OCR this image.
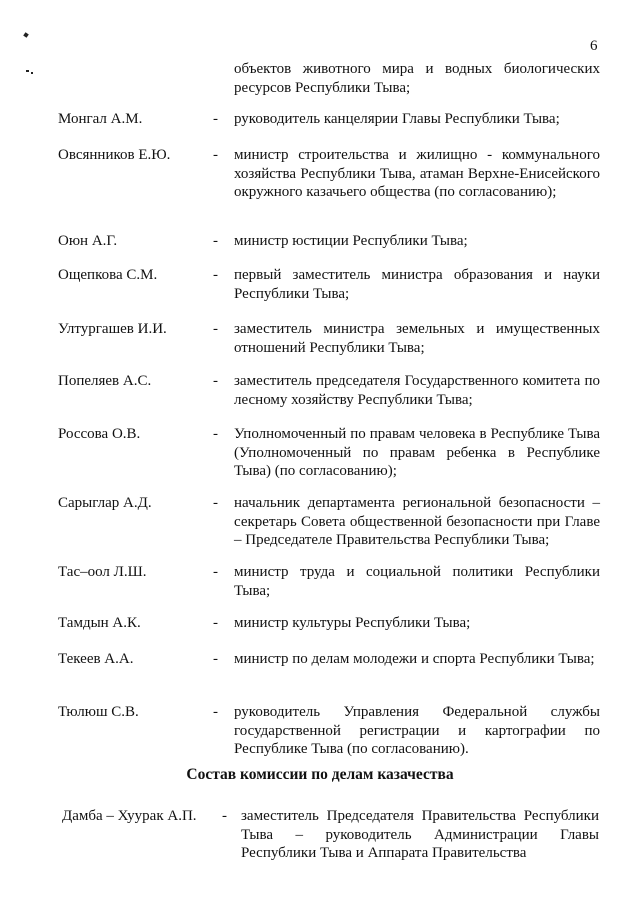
6
объектов животного мира и водных биологических ресурсов Республики Тыва;
Монгал А.М.	- руководитель канцелярии Главы Республики Тыва;
Овсянников Е.Ю.	- министр строительства и жилищно - коммунального хозяйства Республики Тыва, атаман Верхне-Енисейского окружного казачьего общества (по согласованию);
Оюн А.Г.	- министр юстиции Республики Тыва;
Ощепкова С.М.	- первый заместитель министра образования и науки Республики Тыва;
Ултургашев И.И.	- заместитель министра земельных и имущественных отношений Республики Тыва;
Попеляев А.С.	- заместитель председателя Государственного комитета по лесному хозяйству Республики Тыва;
Россова О.В.	- Уполномоченный по правам человека в Республике Тыва (Уполномоченный по правам ребенка в Республике Тыва) (по согласованию);
Сарыглар А.Д.	- начальник департамента региональной безопасности – секретарь Совета общественной безопасности при Главе – Председателе Правительства Республики Тыва;
Тас–оол Л.Ш.	- министр труда и социальной политики Республики Тыва;
Тамдын А.К.	- министр культуры Республики Тыва;
Текеев А.А.	- министр по делам молодежи и спорта Республики Тыва;
Тюлюш С.В.	- руководитель Управления Федеральной службы государственной регистрации и картографии по Республике Тыва (по согласованию).
Состав комиссии по делам казачества
Дамба – Хуурак А.П. - заместитель Председателя Правительства Республики Тыва – руководитель Администрации Главы Республики Тыва и Аппарата Правительства
